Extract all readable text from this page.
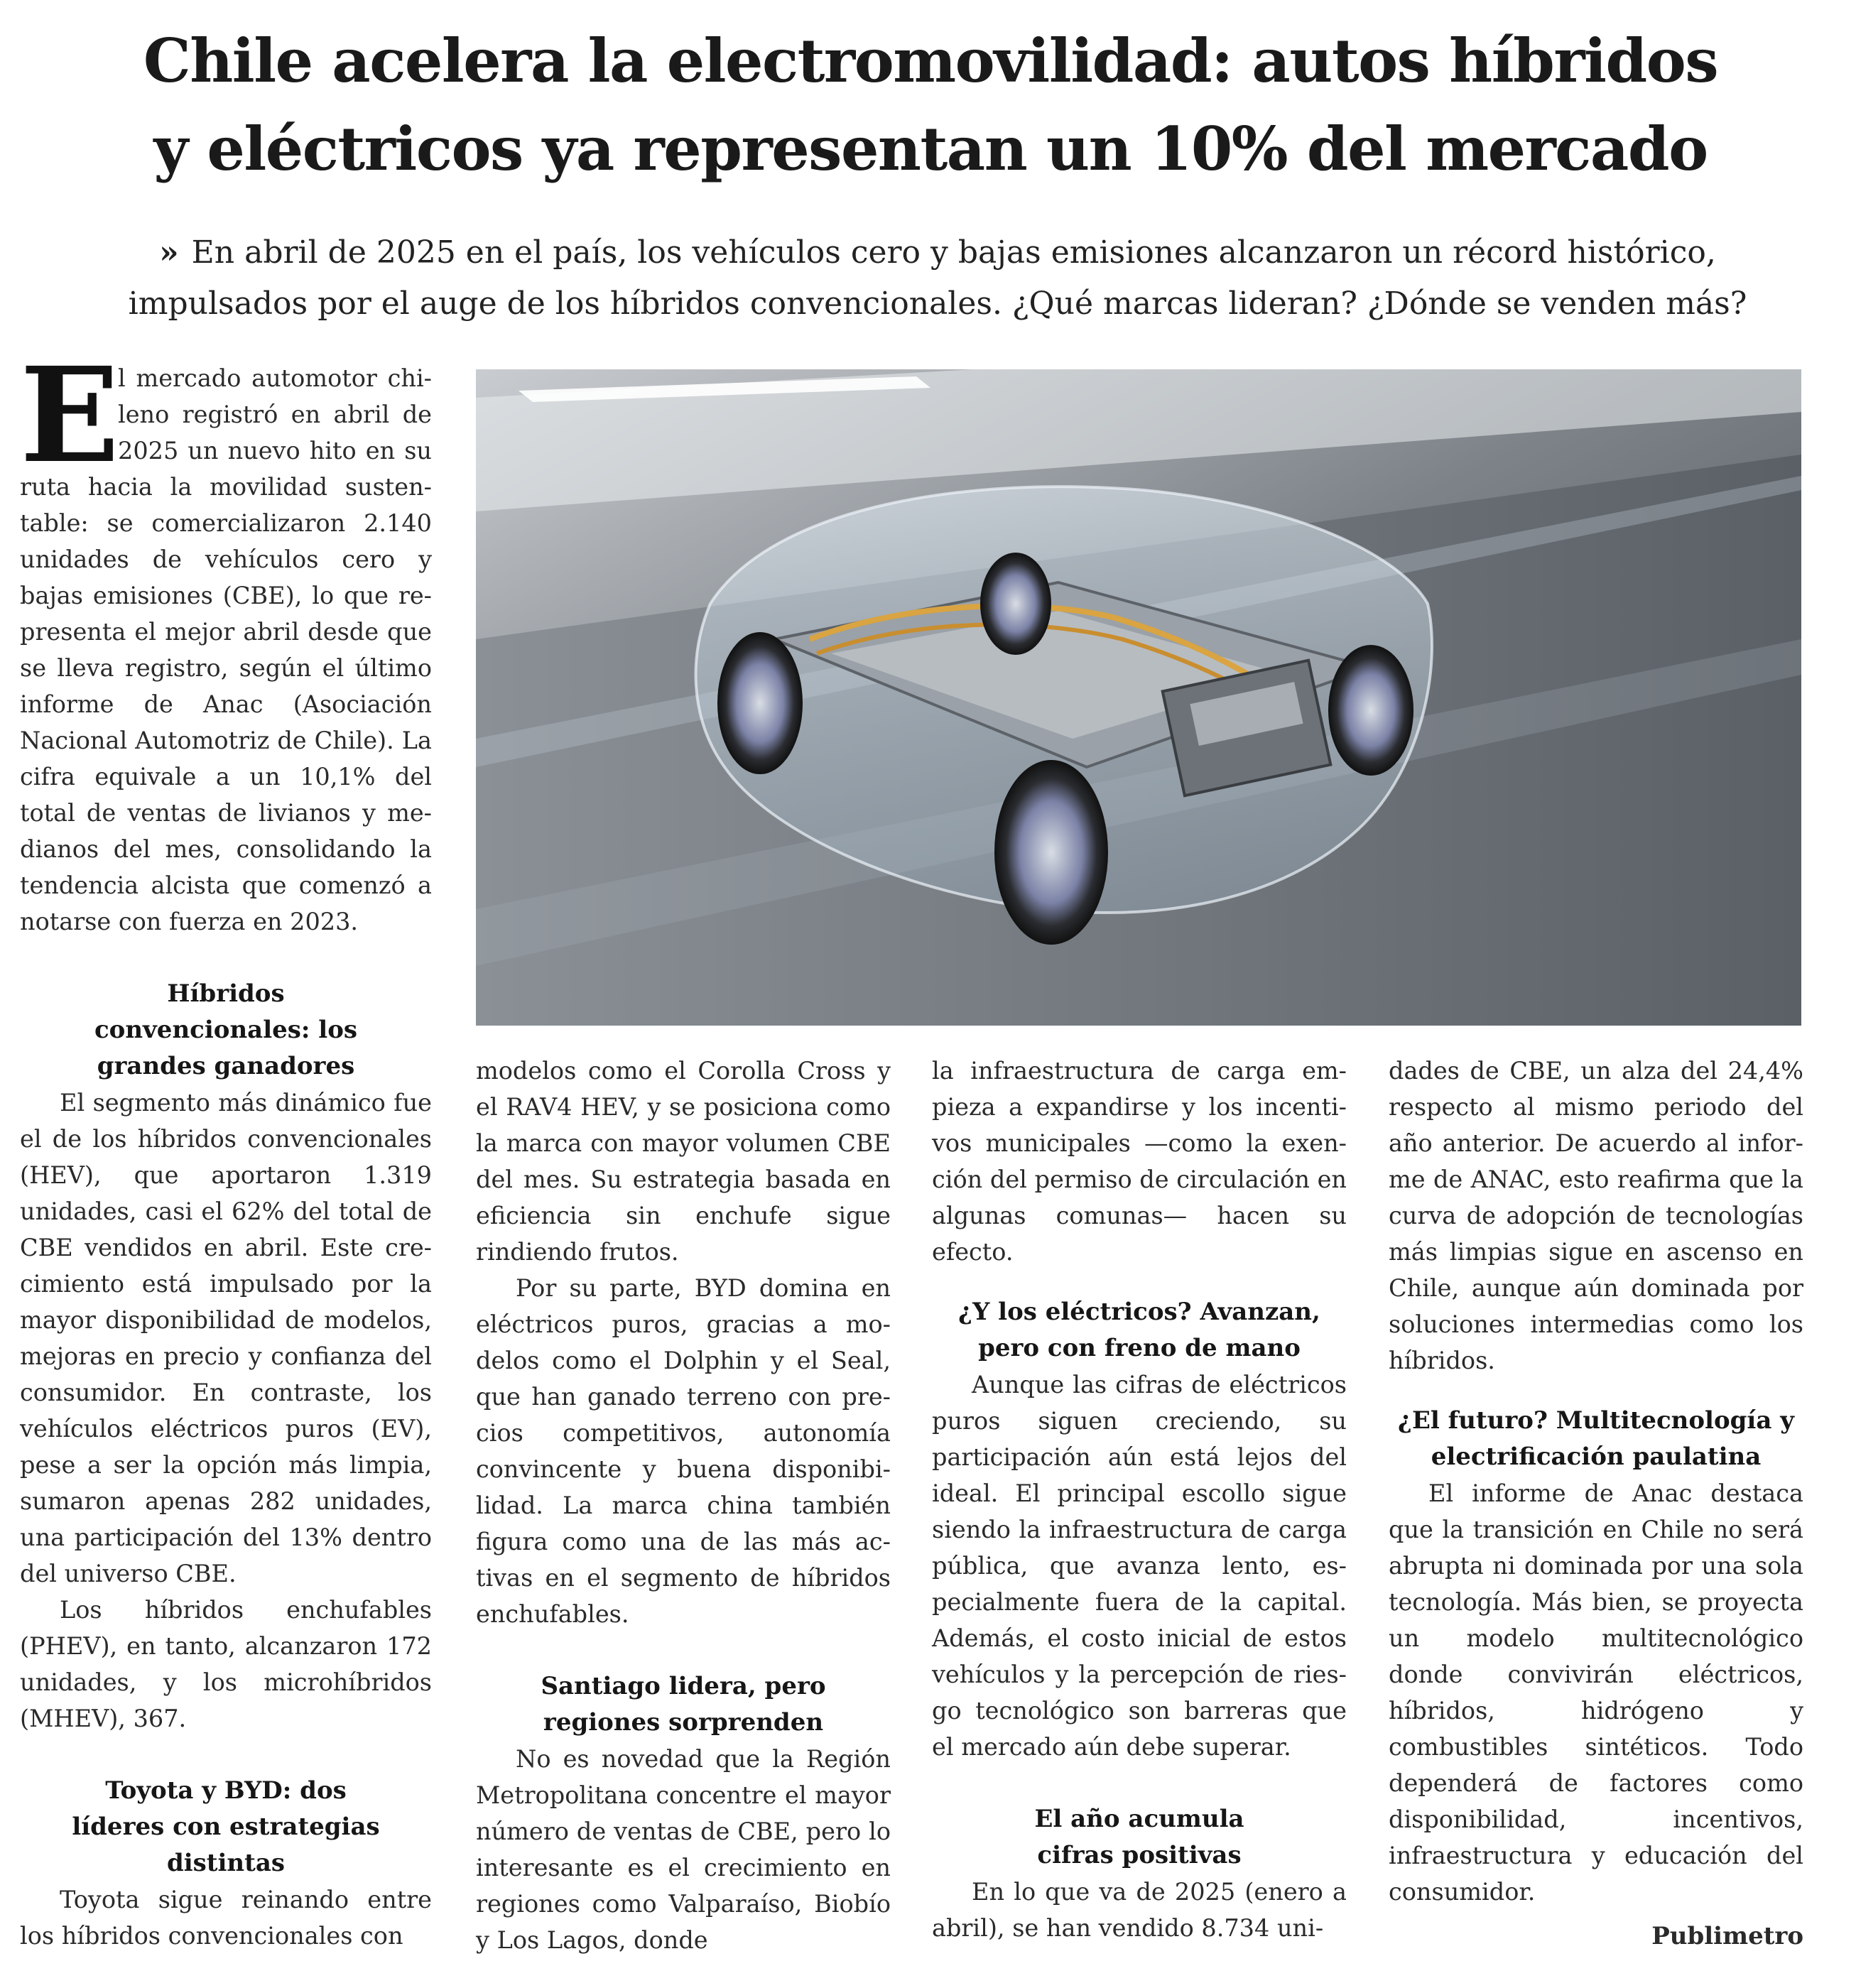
Chile acelera la electromovilidad: autos híbridos
y eléctricos ya representan un 10% del mercado
» En abril de 2025 en el país, los vehículos cero y bajas emisiones alcanzaron un récord histórico,
impulsados por el auge de los híbridos convencionales. ¿Qué marcas lideran? ¿Dónde se venden más?
E

l mercado automotor chi-

leno registró en abril de

2025 un nuevo hito en su

ruta hacia la movilidad sustentable: se comercializaron 2.140 unidades de vehículos cero y bajas emisiones (CBE), lo que representa el mejor abril desde que se lleva registro, según el último informe de Anac (Asociación Nacional Automotriz de Chile). La cifra equivale a un 10,1% del total de ventas de livianos y medianos del mes, consolidando la tendencia alcista que comenzó a notarse con fuerza en 2023.

Híbridos convencionales: los grandes ganadores

El segmento más dinámico fue el de los híbridos convencionales (HEV), que aportaron 1.319 unidades, casi el 62% del total de CBE vendidos en abril. Este crecimiento está impulsado por la mayor disponibilidad de modelos, mejoras en precio y confianza del consumidor. En contraste, los vehículos eléctricos puros (EV), pese a ser la opción más limpia, sumaron apenas 282 unidades, una participación del 13% dentro del universo CBE.

Los híbridos enchufables (PHEV), en tanto, alcanzaron 172 unidades, y los microhíbridos (MHEV), 367.

Toyota y BYD: dos líderes con estrategias distintas

Toyota sigue reinando entre los híbridos convencionales con

modelos como el Corolla Cross y el RAV4 HEV, y se posiciona como la marca con mayor volumen CBE del mes. Su estrategia basada en eficiencia sin enchufe sigue rindiendo frutos.

Por su parte, BYD domina en eléctricos puros, gracias a modelos como el Dolphin y el Seal, que han ganado terreno con precios competitivos, autonomía convincente y buena disponibilidad. La marca china también figura como una de las más activas en el segmento de híbridos enchufables.

Santiago lidera, pero regiones sorprenden

No es novedad que la Región Metropolitana concentre el mayor número de ventas de CBE, pero lo interesante es el crecimiento en regiones como Valparaíso, Biobío y Los Lagos, donde

la infraestructura de carga empieza a expandirse y los incentivos municipales —como la exención del permiso de circulación en algunas comunas— hacen su efecto.

¿Y los eléctricos? Avanzan, pero con freno de mano

Aunque las cifras de eléctricos puros siguen creciendo, su participación aún está lejos del ideal. El principal escollo sigue siendo la infraestructura de carga pública, que avanza lento, especialmente fuera de la capital. Además, el costo inicial de estos vehículos y la percepción de riesgo tecnológico son barreras que el mercado aún debe superar.

El año acumula cifras positivas

En lo que va de 2025 (enero a abril), se han vendido 8.734 uni-

dades de CBE, un alza del 24,4% respecto al mismo periodo del año anterior. De acuerdo al informe de ANAC, esto reafirma que la curva de adopción de tecnologías más limpias sigue en ascenso en Chile, aunque aún dominada por soluciones intermedias como los híbridos.

¿El futuro? Multitecnología y electrificación paulatina

El informe de Anac destaca que la transición en Chile no será abrupta ni dominada por una sola tecnología. Más bien, se proyecta un modelo multitecnológico donde convivirán eléctricos, híbridos, hidrógeno y combustibles sintéticos. Todo dependerá de factores como disponibilidad, incentivos, infraestructura y educación del consumidor.

Publimetro
